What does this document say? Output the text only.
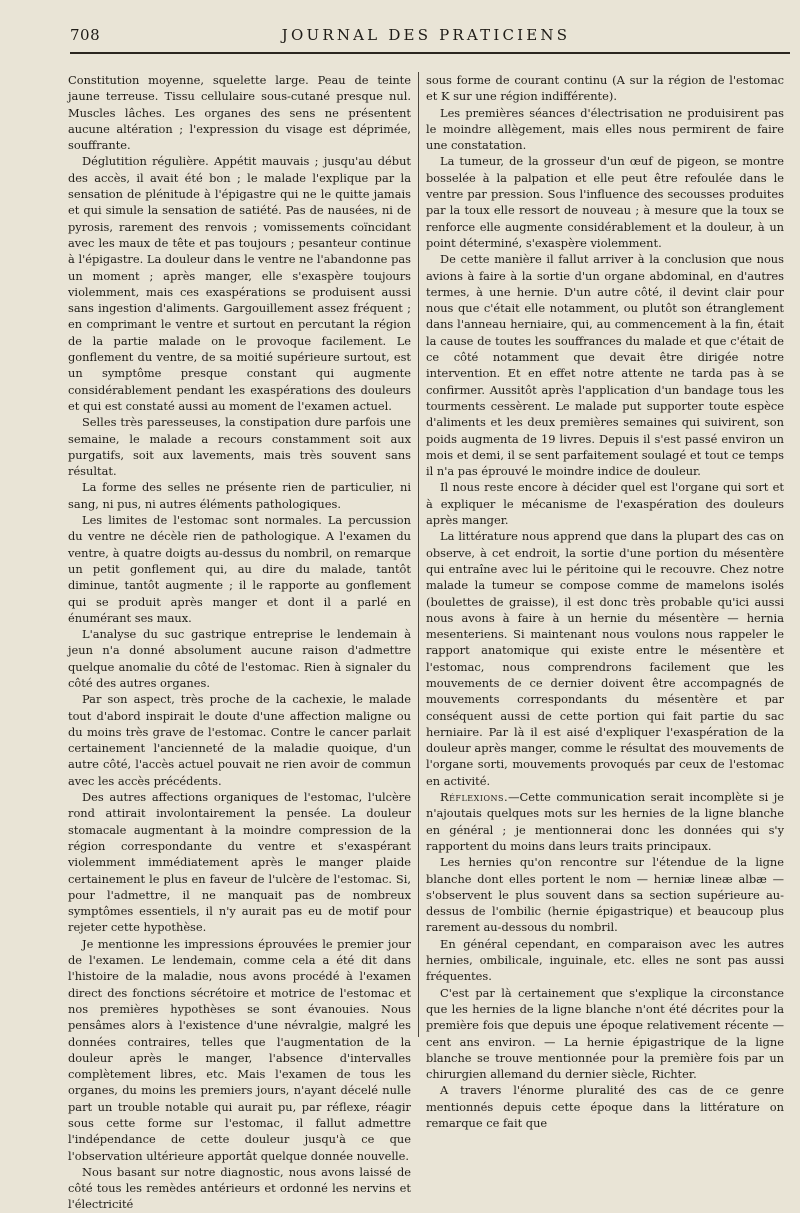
708	JOURNAL DES PRATICIENS

Constitution moyenne, squelette large. Peau de teinte jaune terreuse. Tissu cellulaire sous-cutané presque nul. Muscles lâches. Les organes des sens ne présentent aucune altération ; l'expression du visage est déprimée, souffrante.

Déglutition régulière. Appétit mauvais ; jusqu'au début des accès, il avait été bon ; le malade l'explique par la sensation de plénitude à l'épigastre qui ne le quitte jamais et qui simule la sensation de satiété. Pas de nausées, ni de pyrosis, rarement des renvois ; vomissements coïncidant avec les maux de tête et pas toujours ; pesanteur continue à l'épigastre. La douleur dans le ventre ne l'abandonne pas un moment ; après manger, elle s'exaspère toujours violemment, mais ces exaspérations se produisent aussi sans ingestion d'aliments. Gargouillement assez fréquent ; en comprimant le ventre et surtout en percutant la région de la partie malade on le provoque facilement. Le gonflement du ventre, de sa moitié supérieure surtout, est un symptôme presque constant qui augmente considérablement pendant les exaspérations des douleurs et qui est constaté aussi au moment de l'examen actuel.

Selles très paresseuses, la constipation dure parfois une semaine, le malade a recours constamment soit aux purgatifs, soit aux lavements, mais très souvent sans résultat.

La forme des selles ne présente rien de particulier, ni sang, ni pus, ni autres éléments pathologiques.

Les limites de l'estomac sont normales. La percussion du ventre ne décèle rien de pathologique. A l'examen du ventre, à quatre doigts au-dessus du nombril, on remarque un petit gonflement qui, au dire du malade, tantôt diminue, tantôt augmente ; il le rapporte au gonflement qui se produit après manger et dont il a parlé en énumérant ses maux.

L'analyse du suc gastrique entreprise le lendemain à jeun n'a donné absolument aucune raison d'admettre quelque anomalie du côté de l'estomac. Rien à signaler du côté des autres organes.

Par son aspect, très proche de la cachexie, le malade tout d'abord inspirait le doute d'une affection maligne ou du moins très grave de l'estomac. Contre le cancer parlait certainement l'ancienneté de la maladie quoique, d'un autre côté, l'accès actuel pouvait ne rien avoir de commun avec les accès précédents.

Des autres affections organiques de l'estomac, l'ulcère rond attirait involontairement la pensée. La douleur stomacale augmentant à la moindre compression de la région correspondante du ventre et s'exaspérant violemment immédiatement après le manger plaide certainement le plus en faveur de l'ulcère de l'estomac. Si, pour l'admettre, il ne manquait pas de nombreux symptômes essentiels, il n'y aurait pas eu de motif pour rejeter cette hypothèse.

Je mentionne les impressions éprouvées le premier jour de l'examen. Le lendemain, comme cela a été dit dans l'histoire de la maladie, nous avons procédé à l'examen direct des fonctions sécrétoire et motrice de l'estomac et nos premières hypothèses se sont évanouies. Nous pensâmes alors à l'existence d'une névralgie, malgré les données contraires, telles que l'augmentation de la douleur après le manger, l'absence d'intervalles complètement libres, etc. Mais l'examen de tous les organes, du moins les premiers jours, n'ayant décelé nulle part un trouble notable qui aurait pu, par réflexe, réagir sous cette forme sur l'estomac, il fallut admettre l'indépendance de cette douleur jusqu'à ce que l'observation ultérieure apportât quelque donnée nouvelle.

Nous basant sur notre diagnostic, nous avons laissé de côté tous les remèdes antérieurs et ordonné les nervins et l'électricité

sous forme de courant continu (A sur la région de l'estomac et K sur une région indifférente).

Les premières séances d'électrisation ne produisirent pas le moindre allègement, mais elles nous permirent de faire une constatation.

La tumeur, de la grosseur d'un œuf de pigeon, se montre bosselée à la palpation et elle peut être refoulée dans le ventre par pression. Sous l'influence des secousses produites par la toux elle ressort de nouveau ; à mesure que la toux se renforce elle augmente considérablement et la douleur, à un point déterminé, s'exaspère violemment.

De cette manière il fallut arriver à la conclusion que nous avions à faire à la sortie d'un organe abdominal, en d'autres termes, à une hernie. D'un autre côté, il devint clair pour nous que c'était elle notamment, ou plutôt son étranglement dans l'anneau herniaire, qui, au commencement à la fin, était la cause de toutes les souffrances du malade et que c'était de ce côté notamment que devait être dirigée notre intervention. Et en effet notre attente ne tarda pas à se confirmer. Aussitôt après l'application d'un bandage tous les tourments cessèrent. Le malade put supporter toute espèce d'aliments et les deux premières semaines qui suivirent, son poids augmenta de 19 livres. Depuis il s'est passé environ un mois et demi, il se sent parfaitement soulagé et tout ce temps il n'a pas éprouvé le moindre indice de douleur.

Il nous reste encore à décider quel est l'organe qui sort et à expliquer le mécanisme de l'exaspération des douleurs après manger.

La littérature nous apprend que dans la plupart des cas on observe, à cet endroit, la sortie d'une portion du mésentère qui entraîne avec lui le péritoine qui le recouvre. Chez notre malade la tumeur se compose comme de mamelons isolés (boulettes de graisse), il est donc très probable qu'ici aussi nous avons à faire à un hernie du mésentère — hernia mesenteriens. Si maintenant nous voulons nous rappeler le rapport anatomique qui existe entre le mésentère et l'estomac, nous comprendrons facilement que les mouvements de ce dernier doivent être accompagnés de mouvements correspondants du mésentère et par conséquent aussi de cette portion qui fait partie du sac herniaire. Par là il est aisé d'expliquer l'exaspération de la douleur après manger, comme le résultat des mouvements de l'organe sorti, mouvements provoqués par ceux de l'estomac en activité.

Réflexions.—Cette communication serait incomplète si je n'ajoutais quelques mots sur les hernies de la ligne blanche en général ; je mentionnerai donc les données qui s'y rapportent du moins dans leurs traits principaux.

Les hernies qu'on rencontre sur l'étendue de la ligne blanche dont elles portent le nom — herniæ lineæ albæ — s'observent le plus souvent dans sa section supérieure au-dessus de l'ombilic (hernie épigastrique) et beaucoup plus rarement au-dessous du nombril.

En général cependant, en comparaison avec les autres hernies, ombilicale, inguinale, etc. elles ne sont pas aussi fréquentes.

C'est par là certainement que s'explique la circonstance que les hernies de la ligne blanche n'ont été décrites pour la première fois que depuis une époque relativement récente — cent ans environ. — La hernie épigastrique de la ligne blanche se trouve mentionnée pour la première fois par un chirurgien allemand du dernier siècle, Richter.

A travers l'énorme pluralité des cas de ce genre mentionnés depuis cette époque dans la littérature on remarque ce fait que
